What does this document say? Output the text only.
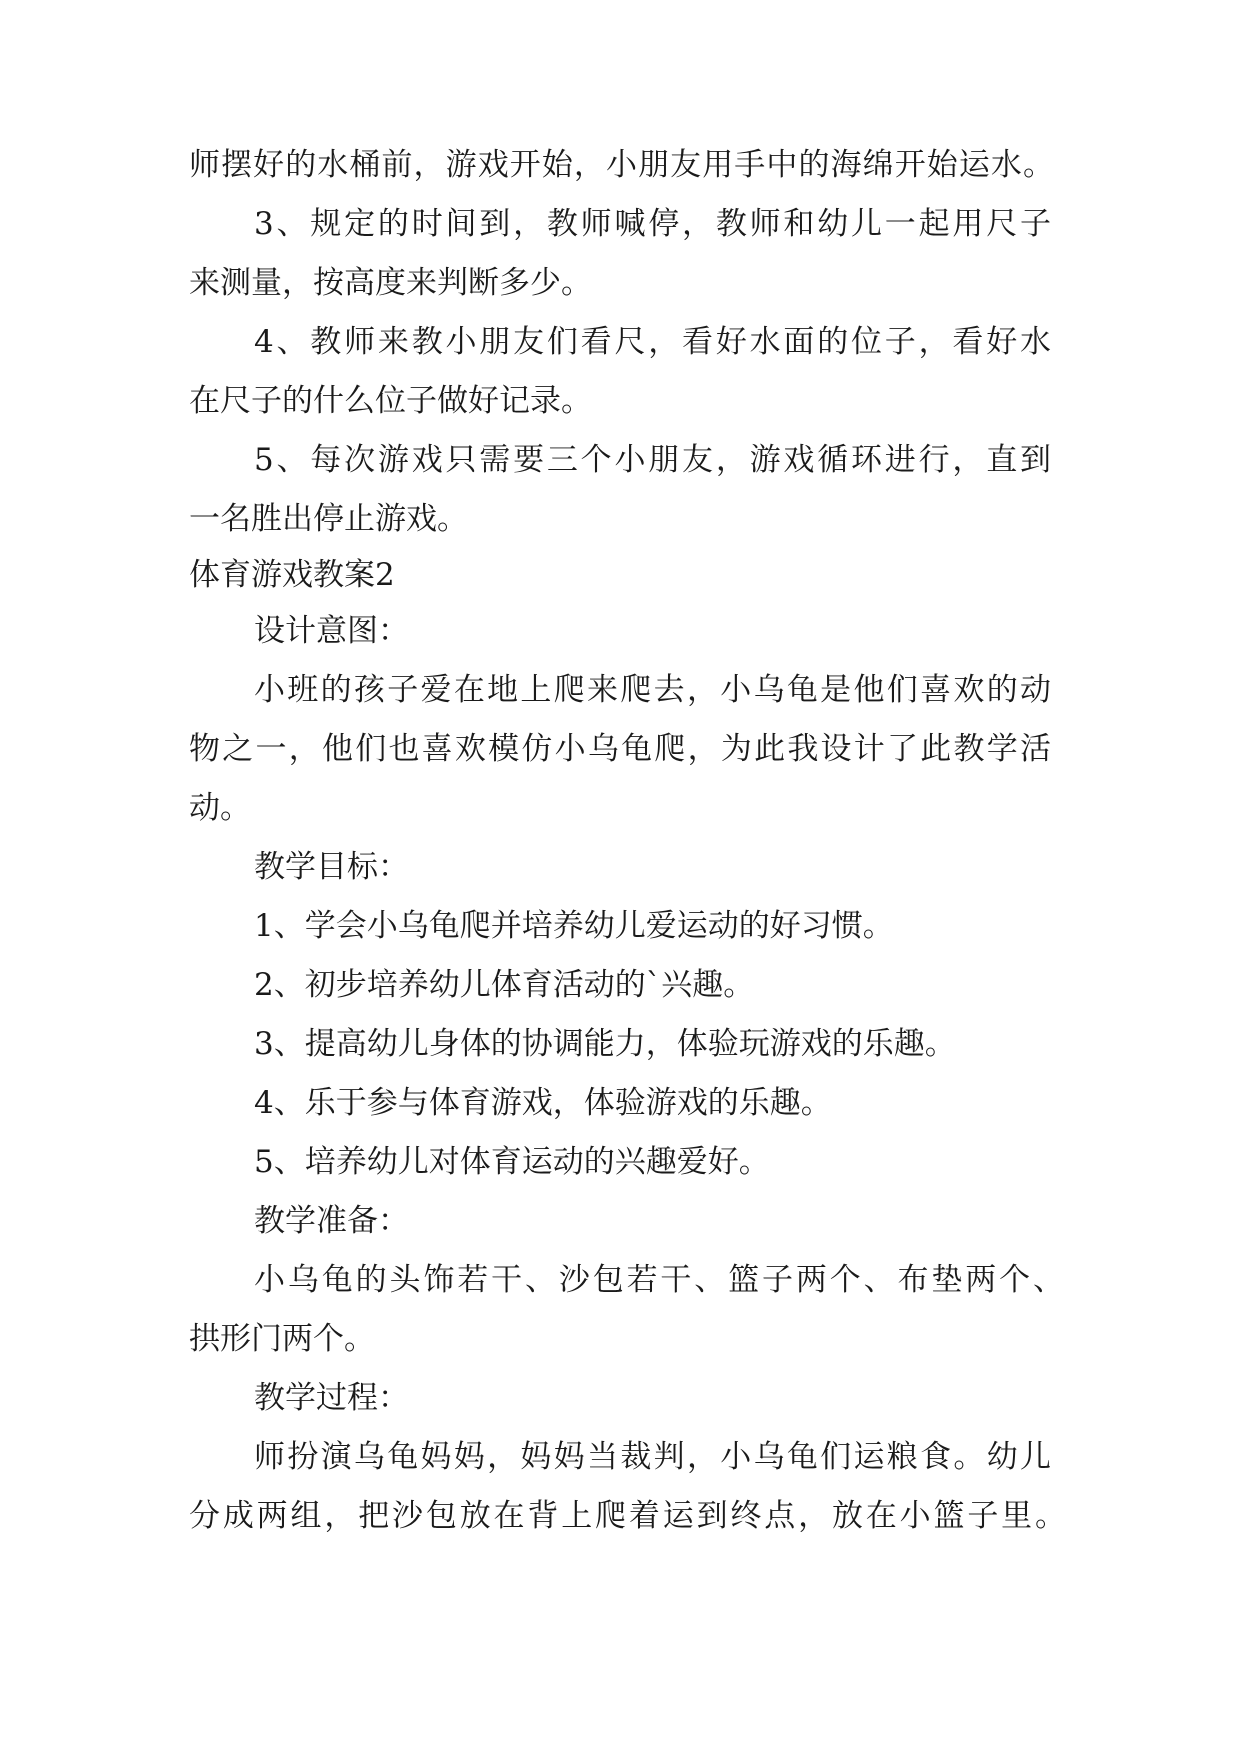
师摆好的水桶前，游戏开始，小朋友用手中的海绵开始运水。
3、规定的时间到，教师喊停，教师和幼儿一起用尺子
来测量，按高度来判断多少。
4、教师来教小朋友们看尺，看好水面的位子，看好水
在尺子的什么位子做好记录。
5、每次游戏只需要三个小朋友，游戏循环进行，直到
一名胜出停止游戏。
体育游戏教案2
设计意图：
小班的孩子爱在地上爬来爬去，小乌龟是他们喜欢的动
物之一，他们也喜欢模仿小乌龟爬，为此我设计了此教学活
动。
教学目标：
1、学会小乌龟爬并培养幼儿爱运动的好习惯。
2、初步培养幼儿体育活动的`兴趣。
3、提高幼儿身体的协调能力，体验玩游戏的乐趣。
4、乐于参与体育游戏，体验游戏的乐趣。
5、培养幼儿对体育运动的兴趣爱好。
教学准备：
小乌龟的头饰若干、沙包若干、篮子两个、布垫两个、
拱形门两个。
教学过程：
师扮演乌龟妈妈，妈妈当裁判，小乌龟们运粮食。幼儿
分成两组，把沙包放在背上爬着运到终点，放在小篮子里。
